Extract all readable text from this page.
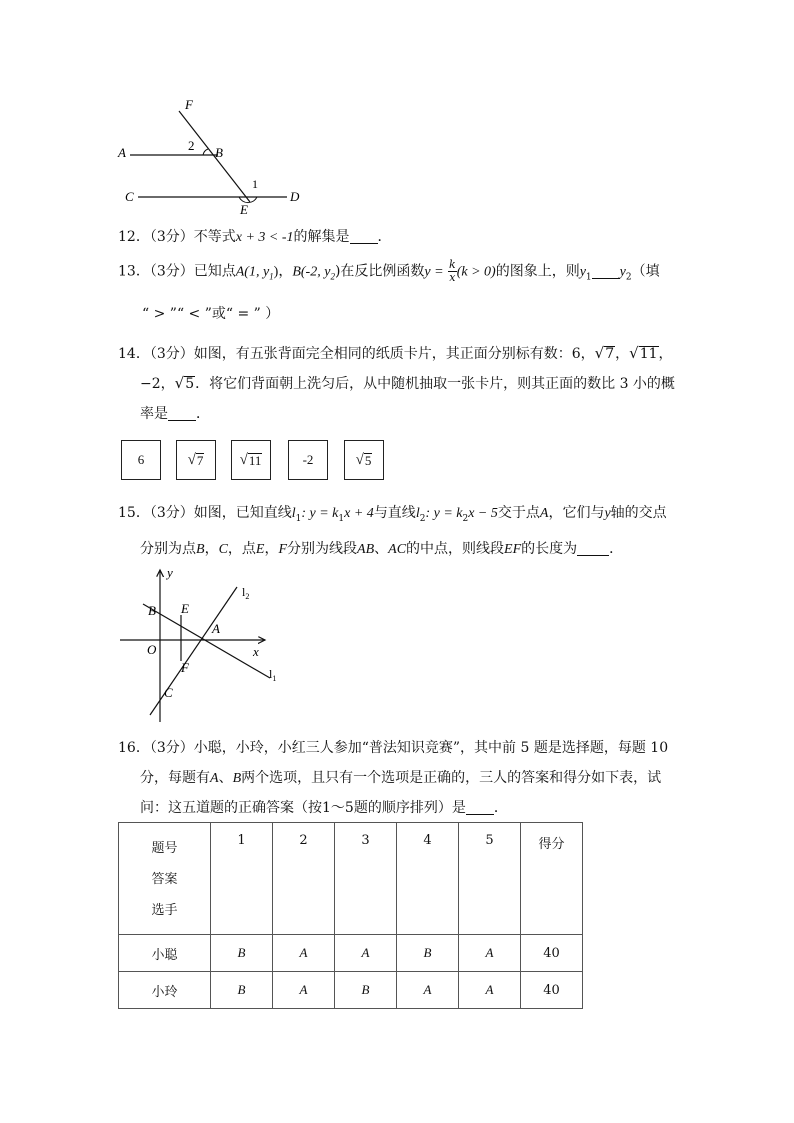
A
F
B
2
C
1
D
E
12．（3分）不等式x + 3 < -1的解集是 ．
13．（3分）已知点A(1, $y_1$)，B(-2, $y_2$)在反比例函数$y = \frac{k}{x} (k > 0)$的图象上，则$y_1$ $y_2$（填
“ > ”“ < ”或“ = ” ）
14．（3分）如图，有五张背面完全相同的纸质卡片，其正面分别标有数：6， √ 7 ， √ 11 ，
−2， √ 5 ．将它们背面朝上洗匀后，从中随机抽取一张卡片，则其正面的数比 3 小的概
率是 ．
6	√ 7 √ 11	-2	√ 5
15．（3分）如图，已知直线$l_1$: $y = k_1x + 4$与直线$l_2$: $y = k_2x - 5$交于点A，它们与y轴的交点
分别为点B，C，点E，F分别为线段AB、AC的中点，则线段EF的长度为 ．
y
x
B E
A
O
F
C
$l_2$
$l_1$
16．（3分）小聪，小玲，小红三人参加“普法知识竞赛”，其中前 5 题是选择题，每题 10
分，每题有A、B两个选项，且只有一个选项是正确的，三人的答案和得分如下表，试
问：这五道题的正确答案（按1～5题的顺序排列）是 ．
题号
答案
选手	1	2	3	4	5	得分
小聪	B	A	A	B	A	40
小玲	B	A	B	A	A	40
